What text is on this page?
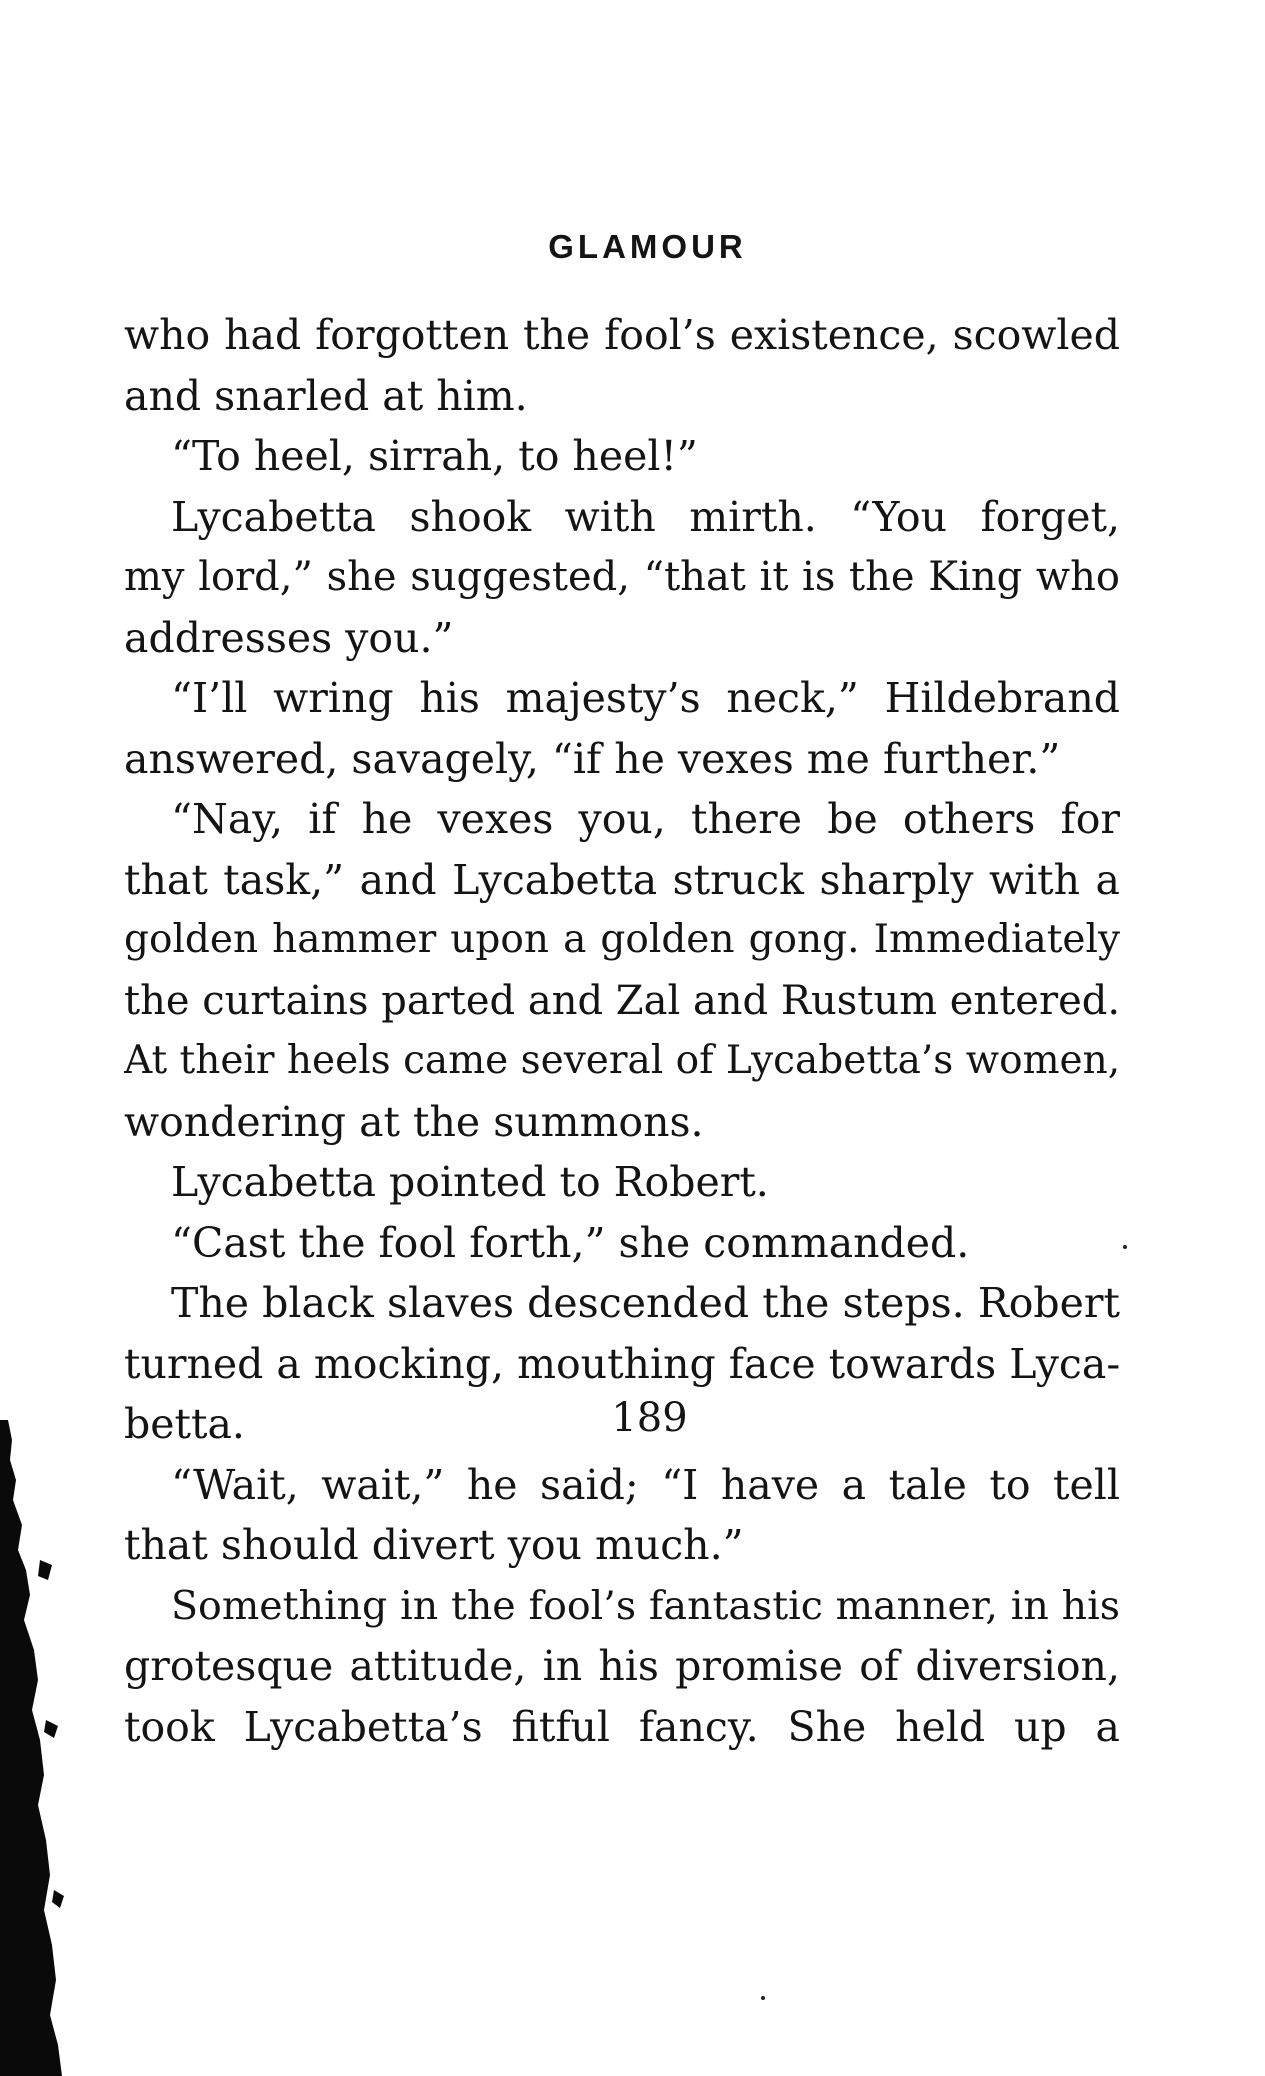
GLAMOUR
who had forgotten the fool’s existence, scowled
and snarled at him.
“To heel, sirrah, to heel!”
Lycabetta shook with mirth. “You forget,
my lord,” she suggested, “that it is the King who
addresses you.”
“I’ll wring his majesty’s neck,” Hildebrand
answered, savagely, “if he vexes me further.”
“Nay, if he vexes you, there be others for
that task,” and Lycabetta struck sharply with a
golden hammer upon a golden gong. Immediately
the curtains parted and Zal and Rustum entered.
At their heels came several of Lycabetta’s women,
wondering at the summons.
Lycabetta pointed to Robert.
“Cast the fool forth,” she commanded.
The black slaves descended the steps. Robert
turned a mocking, mouthing face towards Lyca-
betta.
“Wait, wait,” he said; “I have a tale to tell
that should divert you much.”
Something in the fool’s fantastic manner, in his
grotesque attitude, in his promise of diversion,
took Lycabetta’s fitful fancy. She held up a
189
